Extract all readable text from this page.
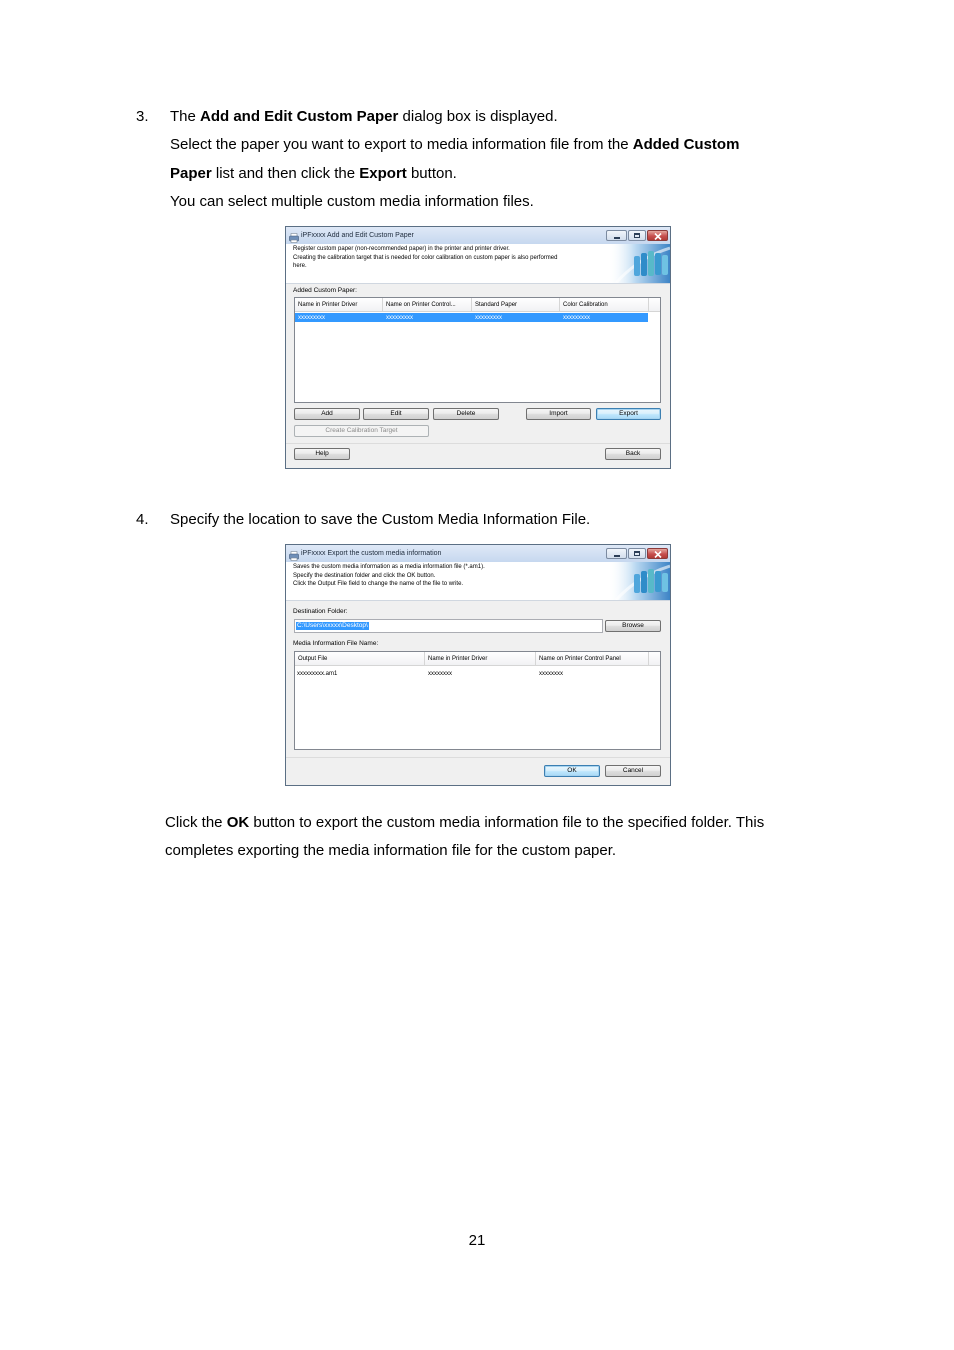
3. The Add and Edit Custom Paper dialog box is displayed.
Select the paper you want to export to media information file from the Added Custom
Paper list and then click the Export button.
You can select multiple custom media information files.
iPFxxxx Add and Edit Custom Paper
Register custom paper (non-recommended paper) in the printer and printer driver.
Creating the calibration target that is needed for color calibration on custom paper is also performed
here.
Added Custom Paper:
Name in Printer Driver	Name on Printer Control...	Standard Paper	Color Calibration
xxxxxxxxx	xxxxxxxxx	xxxxxxxxx	xxxxxxxxx
Add	Edit	Delete	Import	Export
Create Calibration Target
Help	Back
4. Specify the location to save the Custom Media Information File.
iPFxxxx Export the custom media information
Saves the custom media information as a media information file (*.am1).
Specify the destination folder and click the OK button.
Click the Output File field to change the name of the file to write.
Destination Folder:
C:\Users\xxxxx\Desktop\	Browse
Media Information File Name:
Output File	Name in Printer Driver	Name on Printer Control Panel
xxxxxxxxx.am1	xxxxxxxx	xxxxxxxx
OK	Cancel
Click the OK button to export the custom media information file to the specified folder. This
completes exporting the media information file for the custom paper.
21
